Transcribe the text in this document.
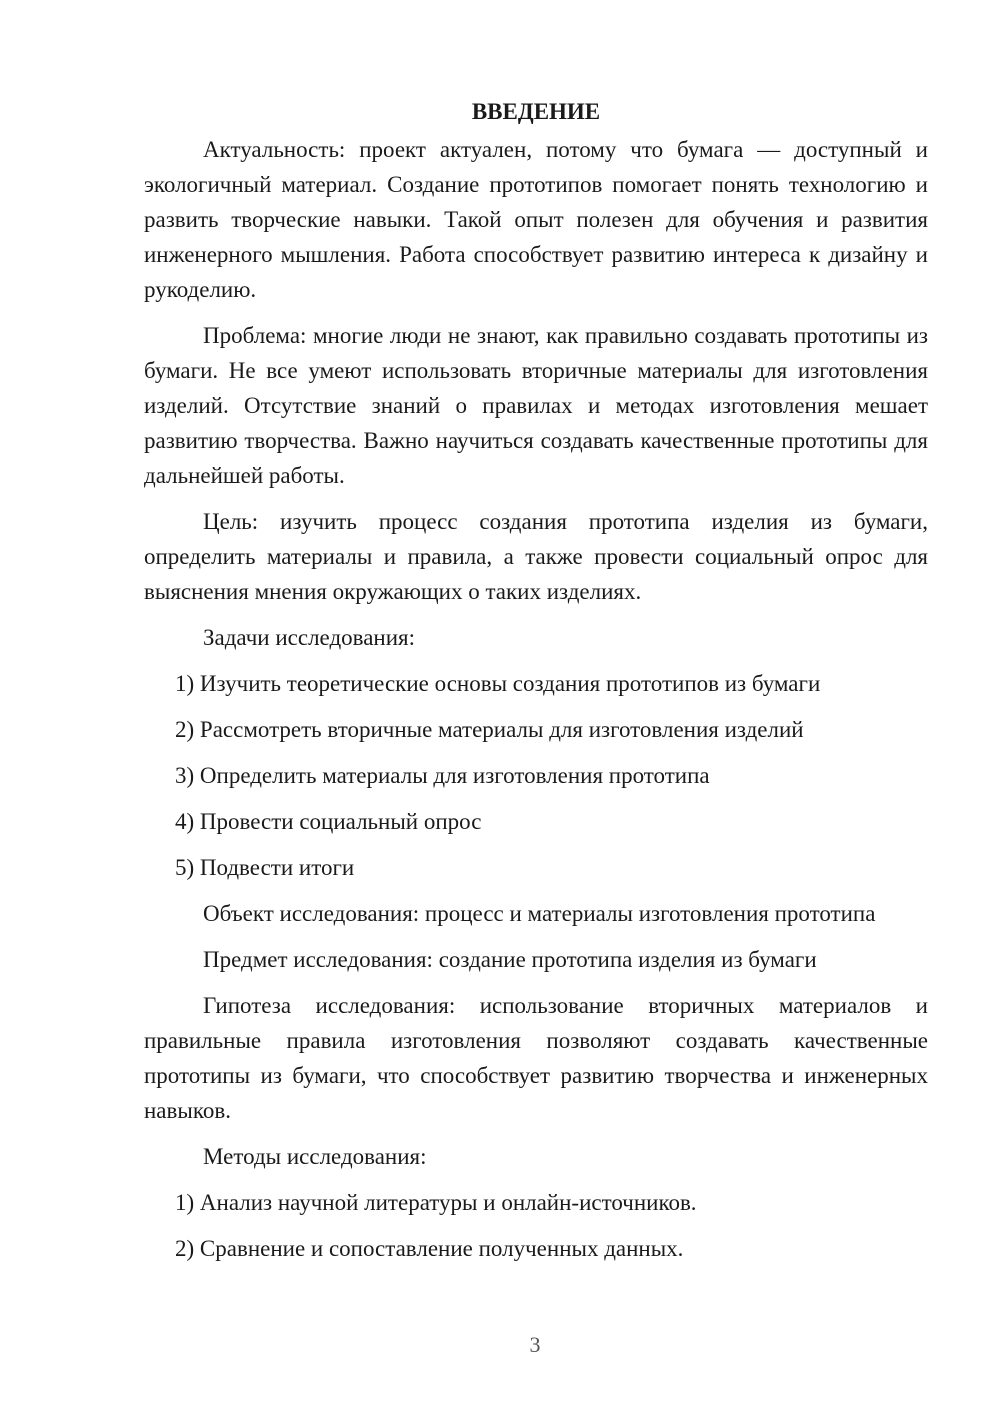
ВВЕДЕНИЕ

Актуальность: проект актуален, потому что бумага — доступный и экологичный материал. Создание прототипов помогает понять технологию и развить творческие навыки. Такой опыт полезен для обучения и развития инженерного мышления. Работа способствует развитию интереса к дизайну и рукоделию.

Проблема: многие люди не знают, как правильно создавать прототипы из бумаги. Не все умеют использовать вторичные материалы для изготовления изделий. Отсутствие знаний о правилах и методах изготовления мешает развитию творчества. Важно научиться создавать качественные прототипы для дальнейшей работы.

Цель: изучить процесс создания прототипа изделия из бумаги, определить материалы и правила, а также провести социальный опрос для выяснения мнения окружающих о таких изделиях.

Задачи исследования:

1) Изучить теоретические основы создания прототипов из бумаги

2) Рассмотреть вторичные материалы для изготовления изделий

3) Определить материалы для изготовления прототипа

4) Провести социальный опрос

5) Подвести итоги

Объект исследования: процесс и материалы изготовления прототипа

Предмет исследования: создание прототипа изделия из бумаги

Гипотеза исследования: использование вторичных материалов и правильные правила изготовления позволяют создавать качественные прототипы из бумаги, что способствует развитию творчества и инженерных навыков.

Методы исследования:

1) Анализ научной литературы и онлайн-источников.

2) Сравнение и сопоставление полученных данных.

3
